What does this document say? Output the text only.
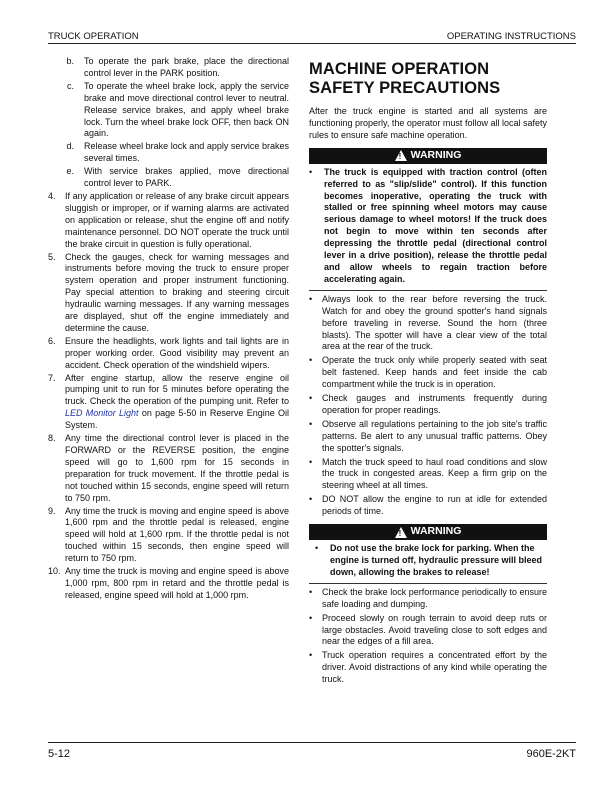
TRUCK OPERATION	OPERATING INSTRUCTIONS
b.	To operate the park brake, place the directional control lever in the PARK position.
c.	To operate the wheel brake lock, apply the service brake and move directional control lever to neutral. Release service brakes, and apply wheel brake lock. Turn the wheel brake lock OFF, then back ON again.
d.	Release wheel brake lock and apply service brakes several times.
e.	With service brakes applied, move directional control lever to PARK.
4.	If any application or release of any brake circuit appears sluggish or improper, or if warning alarms are activated on application or release, shut the engine off and notify maintenance personnel. DO NOT operate the truck until the brake circuit in question is fully operational.
5.	Check the gauges, check for warning messages and instruments before moving the truck to ensure proper system operation and proper instrument functioning. Pay special attention to braking and steering circuit hydraulic warning messages. If any warning messages are displayed, shut off the engine immediately and determine the cause.
6.	Ensure the headlights, work lights and tail lights are in proper working order. Good visibility may prevent an accident. Check operation of the windshield wipers.
7.	After engine startup, allow the reserve engine oil pumping unit to run for 5 minutes before operating the truck. Check the operation of the pumping unit. Refer to LED Monitor Light on page 5-50 in Reserve Engine Oil System.
8.	Any time the directional control lever is placed in the FORWARD or the REVERSE position, the engine speed will go to 1,600 rpm for 15 seconds in preparation for truck movement. If the throttle pedal is not touched within 15 seconds, engine speed will return to 750 rpm.
9.	Any time the truck is moving and engine speed is above 1,600 rpm and the throttle pedal is released, engine speed will hold at 1,600 rpm. If the throttle pedal is not touched within 15 seconds, then engine speed will return to 750 rpm.
10. Any time the truck is moving and engine speed is above 1,000 rpm, 800 rpm in retard and the throttle pedal is released, engine speed will hold at 1,000 rpm.
MACHINE OPERATION
SAFETY PRECAUTIONS
After the truck engine is started and all systems are functioning properly, the operator must follow all local safety rules to ensure safe machine operation.
! WARNING
•	The truck is equipped with traction control (often referred to as "slip/slide" control). If this function becomes inoperative, operating the truck with stalled or free spinning wheel motors may cause serious damage to wheel motors! If the truck does not begin to move within ten seconds after depressing the throttle pedal (directional control lever in a drive position), release the throttle pedal and allow wheels to regain traction before accelerating again.
•	Always look to the rear before reversing the truck. Watch for and obey the ground spotter's hand signals before traveling in reverse. Sound the horn (three blasts). The spotter will have a clear view of the total area at the rear of the truck.
•	Operate the truck only while properly seated with seat belt fastened. Keep hands and feet inside the cab compartment while the truck is in operation.
•	Check gauges and instruments frequently during operation for proper readings.
•	Observe all regulations pertaining to the job site's traffic patterns. Be alert to any unusual traffic patterns. Obey the spotter's signals.
•	Match the truck speed to haul road conditions and slow the truck in congested areas. Keep a firm grip on the steering wheel at all times.
•	DO NOT allow the engine to run at idle for extended periods of time.
! WARNING
•	Do not use the brake lock for parking. When the engine is turned off, hydraulic pressure will bleed down, allowing the brakes to release!
•	Check the brake lock performance periodically to ensure safe loading and dumping.
•	Proceed slowly on rough terrain to avoid deep ruts or large obstacles. Avoid traveling close to soft edges and near the edges of a fill area.
•	Truck operation requires a concentrated effort by the driver. Avoid distractions of any kind while operating the truck.
5-12	960E-2KT
